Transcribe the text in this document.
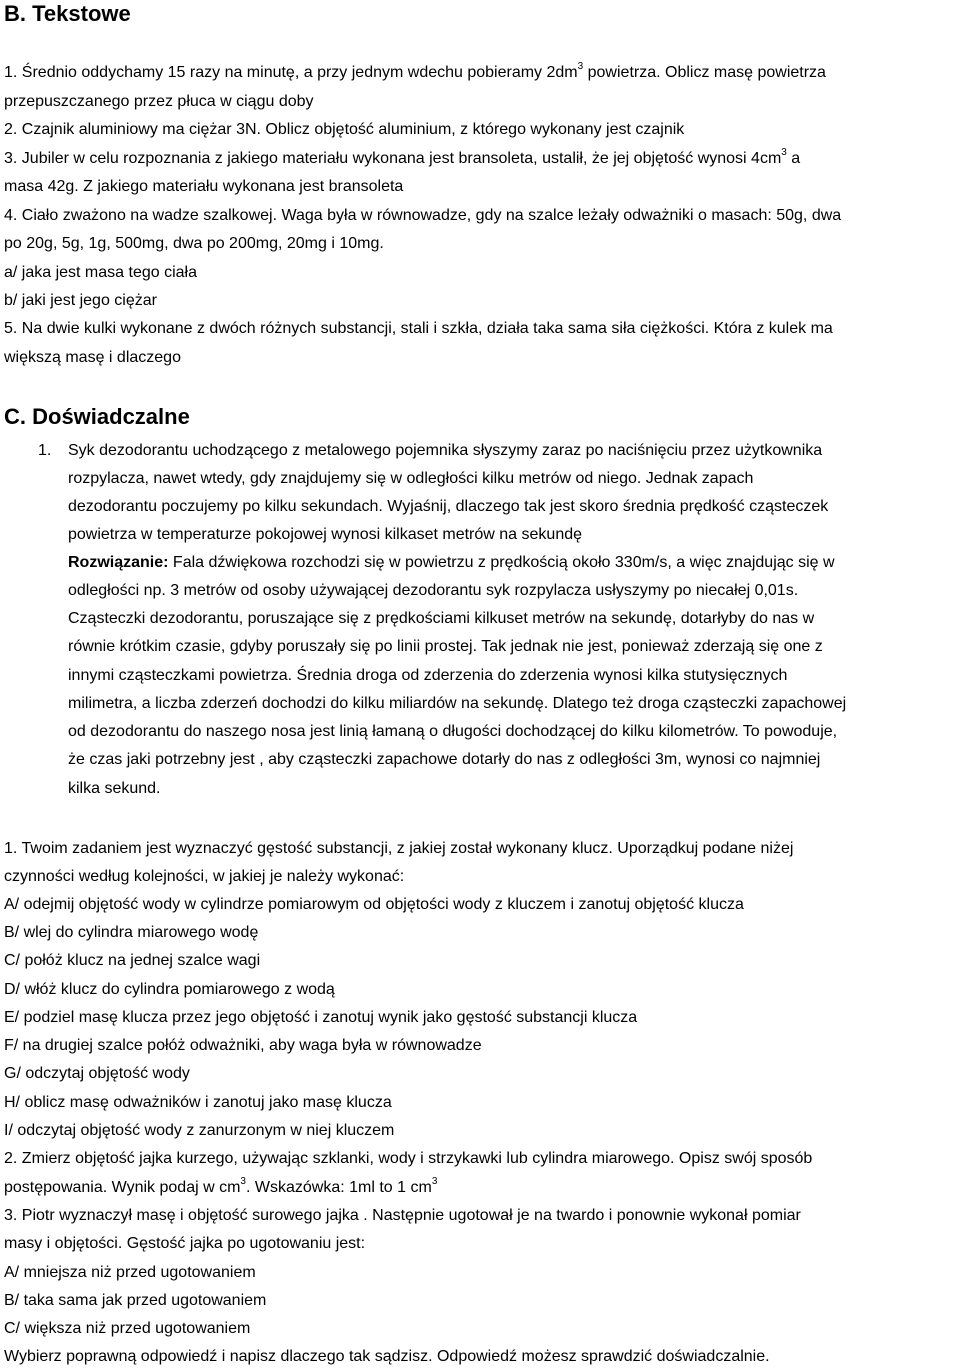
B. Tekstowe

1. Średnio oddychamy 15 razy na minutę, a przy jednym wdechu pobieramy $2dm^3$ powietrza. Oblicz masę powietrza

przepuszczanego przez płuca w ciągu doby

2. Czajnik aluminiowy ma ciężar 3N. Oblicz objętość aluminium, z którego wykonany jest czajnik

3. Jubiler w celu rozpoznania z jakiego materiału wykonana jest bransoleta, ustalił, że jej objętość wynosi $4cm^3$ a

masa 42g. Z jakiego materiału wykonana jest bransoleta

4. Ciało zważono na wadze szalkowej. Waga była w równowadze, gdy na szalce leżały odważniki o masach: 50g, dwa

po 20g, 5g, 1g, 500mg, dwa po 200mg, 20mg i 10mg.

a/ jaka jest masa tego ciała

b/ jaki jest jego ciężar

5. Na dwie kulki wykonane z dwóch różnych substancji, stali i szkła, działa taka sama siła ciężkości. Która z kulek ma

większą masę i dlaczego

C. Doświadczalne
1. Syk dezodorantu uchodzącego z metalowego pojemnika słyszymy zaraz po naciśnięciu przez użytkownika

rozpylacza, nawet wtedy, gdy znajdujemy się w odległości kilku metrów od niego. Jednak zapach

dezodorantu poczujemy po kilku sekundach. Wyjaśnij, dlaczego tak jest skoro średnia prędkość cząsteczek

powietrza w temperaturze pokojowej wynosi kilkaset metrów na sekundę

Rozwiązanie: Fala dźwiękowa rozchodzi się w powietrzu z prędkością około 330m/s, a więc znajdując się w

odległości np. 3 metrów od osoby używającej dezodorantu syk rozpylacza usłyszymy po niecałej 0,01s.

Cząsteczki dezodorantu, poruszające się z prędkościami kilkuset metrów na sekundę, dotarłyby do nas w

równie krótkim czasie, gdyby poruszały się po linii prostej. Tak jednak nie jest, ponieważ zderzają się one z

innymi cząsteczkami powietrza. Średnia droga od zderzenia do zderzenia wynosi kilka stutysięcznych

milimetra, a liczba zderzeń dochodzi do kilku miliardów na sekundę. Dlatego też droga cząsteczki zapachowej

od dezodorantu do naszego nosa jest linią łamaną o długości dochodzącej do kilku kilometrów. To powoduje,

że czas jaki potrzebny jest , aby cząsteczki zapachowe dotarły do nas z odległości 3m, wynosi co najmniej

kilka sekund.

1. Twoim zadaniem jest wyznaczyć gęstość substancji, z jakiej został wykonany klucz. Uporządkuj podane niżej

czynności według kolejności, w jakiej je należy wykonać:

A/ odejmij objętość wody w cylindrze pomiarowym od objętości wody z kluczem i zanotuj objętość klucza

B/ wlej do cylindra miarowego wodę

C/ połóż klucz na jednej szalce wagi

D/ włóż klucz do cylindra pomiarowego z wodą

E/ podziel masę klucza przez jego objętość i zanotuj wynik jako gęstość substancji klucza

F/ na drugiej szalce połóż odważniki, aby waga była w równowadze

G/ odczytaj objętość wody

H/ oblicz masę odważników i zanotuj jako masę klucza

I/ odczytaj objętość wody z zanurzonym w niej kluczem

2. Zmierz objętość jajka kurzego, używając szklanki, wody i strzykawki lub cylindra miarowego. Opisz swój sposób

postępowania. Wynik podaj w $cm^3$. Wskazówka: 1ml to 1 $cm^3$

3. Piotr wyznaczył masę i objętość surowego jajka . Następnie ugotował je na twardo i ponownie wykonał pomiar

masy i objętości. Gęstość jajka po ugotowaniu jest:

A/ mniejsza niż przed ugotowaniem

B/ taka sama jak przed ugotowaniem

C/ większa niż przed ugotowaniem

Wybierz poprawną odpowiedź i napisz dlaczego tak sądzisz. Odpowiedź możesz sprawdzić doświadczalnie.
